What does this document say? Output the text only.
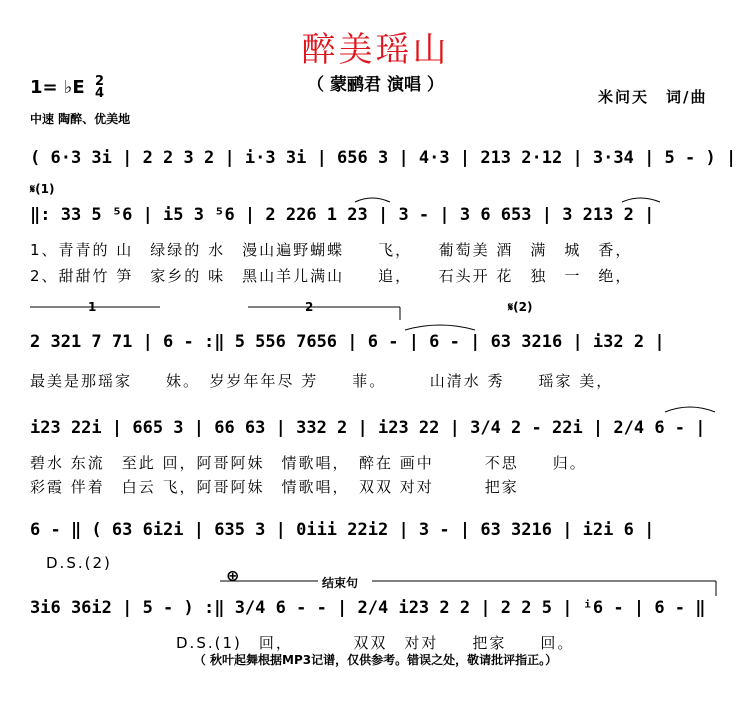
醉美瑶山
（ 蒙鹂君 演唱 ）
1= ♭E 2
4
中速 陶醉、优美地
米问天　词/曲
( 6·3 3i | 2 2 3 2 | i·3 3i | 656 3 | 4·3 | 213 2·12 | 3·34 | 5 - ) |
𝄋(1)
‖: 33 5 ⁵6 | i5 3 ⁵6 | 2 226 1 23 | 3 - | 3 6 653 | 3 213 2 |
1、青青的 山　绿绿的 水　漫山遍野蝴蝶　　飞，　　葡萄美 酒　满　城　香，
2、甜甜竹 笋　家乡的 味　黑山羊儿满山　　追，　　石头开 花　独　一　绝，
1	2	𝄋(2)
2 321 7 71 | 6 - :‖ 5 556 7656 | 6 - | 6 - | 63 3216 | i32 2 |
最美是那瑶家　　妹。　岁岁年年尽 芳　　菲。　　　山清水 秀　　瑶家 美，
i23 22i | 665 3 | 66 63 | 332 2 | i23 22 | 3/4 2 - 22i | 2/4 6 - |
碧水 东流　至此 回，阿哥阿妹　情歌唱，　醉在 画中　　　不思　　归。
彩霞 伴着　白云 飞，阿哥阿妹　情歌唱，　双双 对对　　　把家
6 - ‖ ( 63 6i2i | 635 3 | 0iii 22i2 | 3 - | 63 3216 | i2i 6 |
D.S.(2)
⊕	结束句
3i6 36i2 | 5 - ) :‖ 3/4 6 - - | 2/4 i23 2 2 | 2 2 5 | ⁱ6 - | 6 - ‖
D.S.(1)　回，　　　　双双　对对　　把家　　回。
（ 秋叶起舞根据MP3记谱，仅供参考。错误之处，敬请批评指正。）
